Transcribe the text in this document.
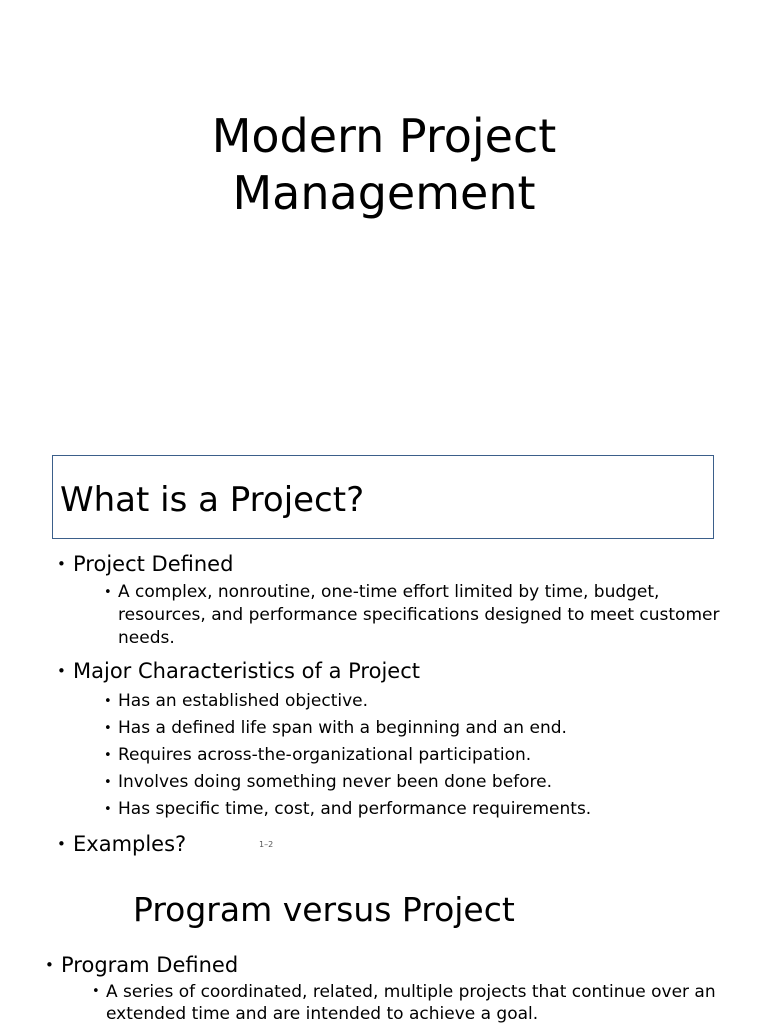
Modern Project
Management
What is a Project?
• Project Defined
• A complex, nonroutine, one-time effort limited by time, budget, resources, and performance specifications designed to meet customer needs.
• Major Characteristics of a Project
• Has an established objective.
• Has a defined life span with a beginning and an end.
• Requires across-the-organizational participation.
• Involves doing something never been done before.
• Has specific time, cost, and performance requirements.
• Examples?	1–2
Program versus Project
• Program Defined
• A series of coordinated, related, multiple projects that continue over an extended time and are intended to achieve a goal.
